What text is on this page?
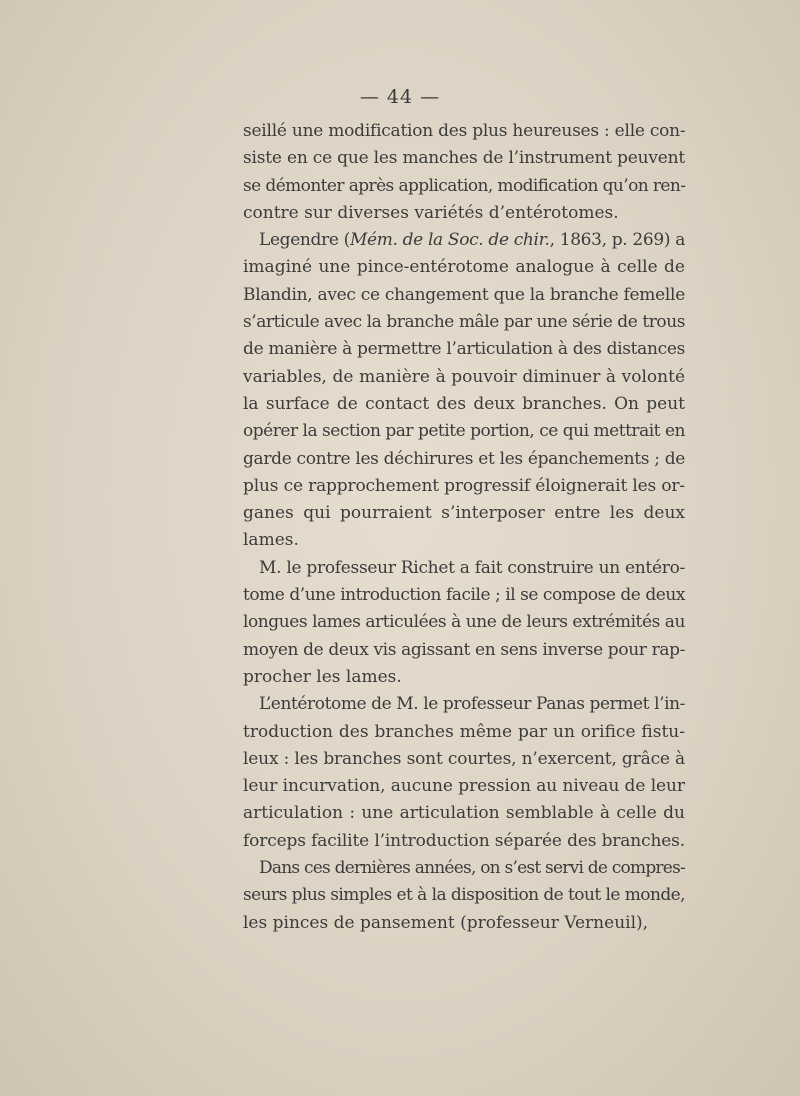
— 44 —
seillé une modification des plus heureuses : elle con-
siste en ce que les manches de l’instrument peuvent
se démonter après application, modification qu’on ren-
contre sur diverses variétés d’entérotomes.
Legendre (Mém. de la Soc. de chir., 1863, p. 269) a
imaginé une pince-entérotome analogue à celle de
Blandin, avec ce changement que la branche femelle
s’articule avec la branche mâle par une série de trous
de manière à permettre l’articulation à des distances
variables, de manière à pouvoir diminuer à volonté
la surface de contact des deux branches. On peut
opérer la section par petite portion, ce qui mettrait en
garde contre les déchirures et les épanchements ; de
plus ce rapprochement progressif éloignerait les or-
ganes qui pourraient s’interposer entre les deux
lames.
M. le professeur Richet a fait construire un entéro-
tome d’une introduction facile ; il se compose de deux
longues lames articulées à une de leurs extrémités au
moyen de deux vis agissant en sens inverse pour rap-
procher les lames.
L’entérotome de M. le professeur Panas permet l’in-
troduction des branches même par un orifice fistu-
leux : les branches sont courtes, n’exercent, grâce à
leur incurvation, aucune pression au niveau de leur
articulation : une articulation semblable à celle du
forceps facilite l’introduction séparée des branches.
Dans ces dernières années, on s’est servi de compres-
seurs plus simples et à la disposition de tout le monde,
les pinces de pansement (professeur Verneuil),
